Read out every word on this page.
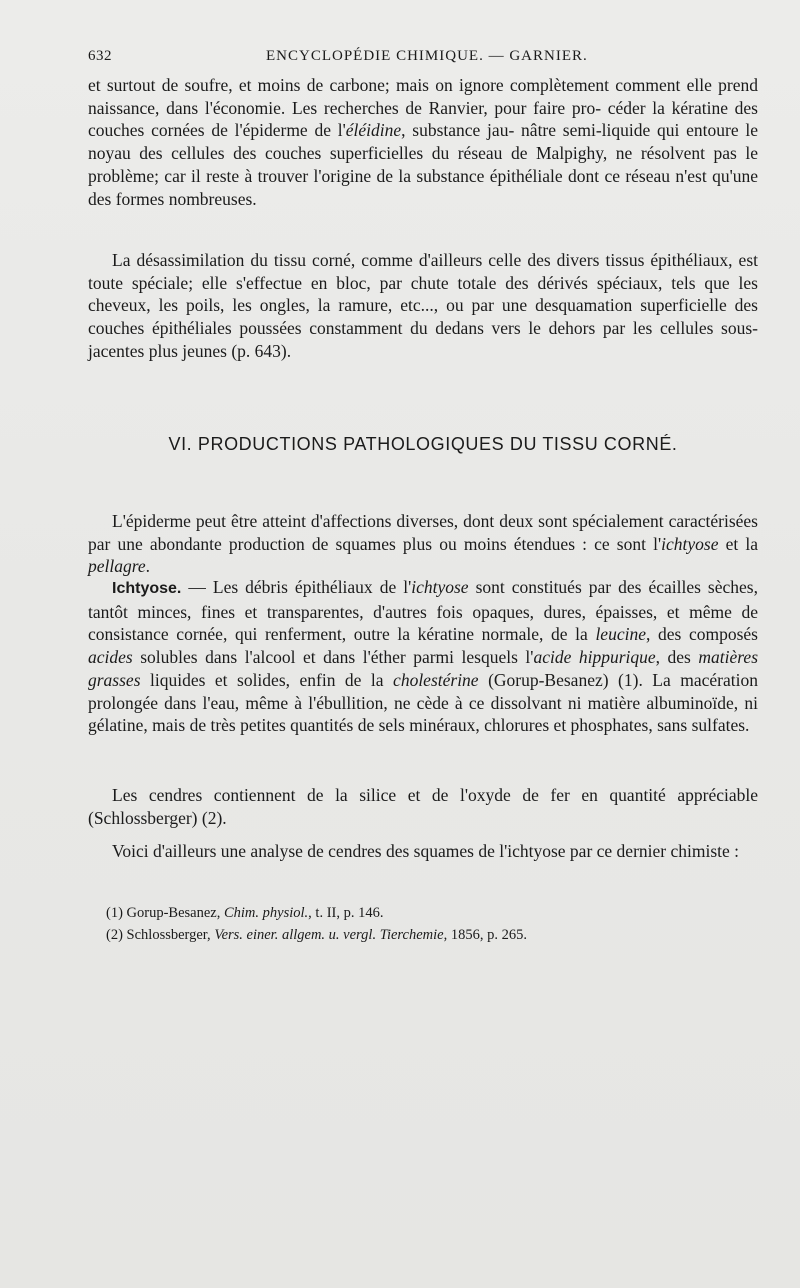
632	ENCYCLOPÉDIE CHIMIQUE. — GARNIER.

et surtout de soufre, et moins de carbone; mais on ignore complètement comment elle prend naissance, dans l'économie. Les recherches de Ranvier, pour faire pro- céder la kératine des couches cornées de l'épiderme de l'éléidine, substance jau- nâtre semi-liquide qui entoure le noyau des cellules des couches superficielles du réseau de Malpighy, ne résolvent pas le problème; car il reste à trouver l'origine de la substance épithéliale dont ce réseau n'est qu'une des formes nombreuses.

La désassimilation du tissu corné, comme d'ailleurs celle des divers tissus épithéliaux, est toute spéciale; elle s'effectue en bloc, par chute totale des dérivés spéciaux, tels que les cheveux, les poils, les ongles, la ramure, etc..., ou par une desquamation superficielle des couches épithéliales poussées constamment du dedans vers le dehors par les cellules sous-jacentes plus jeunes (p. 643).

VI. PRODUCTIONS PATHOLOGIQUES DU TISSU CORNÉ.

L'épiderme peut être atteint d'affections diverses, dont deux sont spécialement caractérisées par une abondante production de squames plus ou moins étendues : ce sont l'ichtyose et la pellagre.

Ichtyose. — Les débris épithéliaux de l'ichtyose sont constitués par des écailles sèches, tantôt minces, fines et transparentes, d'autres fois opaques, dures, épaisses, et même de consistance cornée, qui renferment, outre la kératine normale, de la leucine, des composés acides solubles dans l'alcool et dans l'éther parmi lesquels l'acide hippurique, des matières grasses liquides et solides, enfin de la cholestérine (Gorup-Besanez) (1). La macération prolongée dans l'eau, même à l'ébullition, ne cède à ce dissolvant ni matière albuminoïde, ni gélatine, mais de très petites quantités de sels minéraux, chlorures et phosphates, sans sulfates.

Les cendres contiennent de la silice et de l'oxyde de fer en quantité appréciable (Schlossberger) (2).

Voici d'ailleurs une analyse de cendres des squames de l'ichtyose par ce dernier chimiste :

(1) Gorup-Besanez, Chim. physiol., t. II, p. 146.
(2) Schlossberger, Vers. einer. allgem. u. vergl. Tierchemie, 1856, p. 265.
